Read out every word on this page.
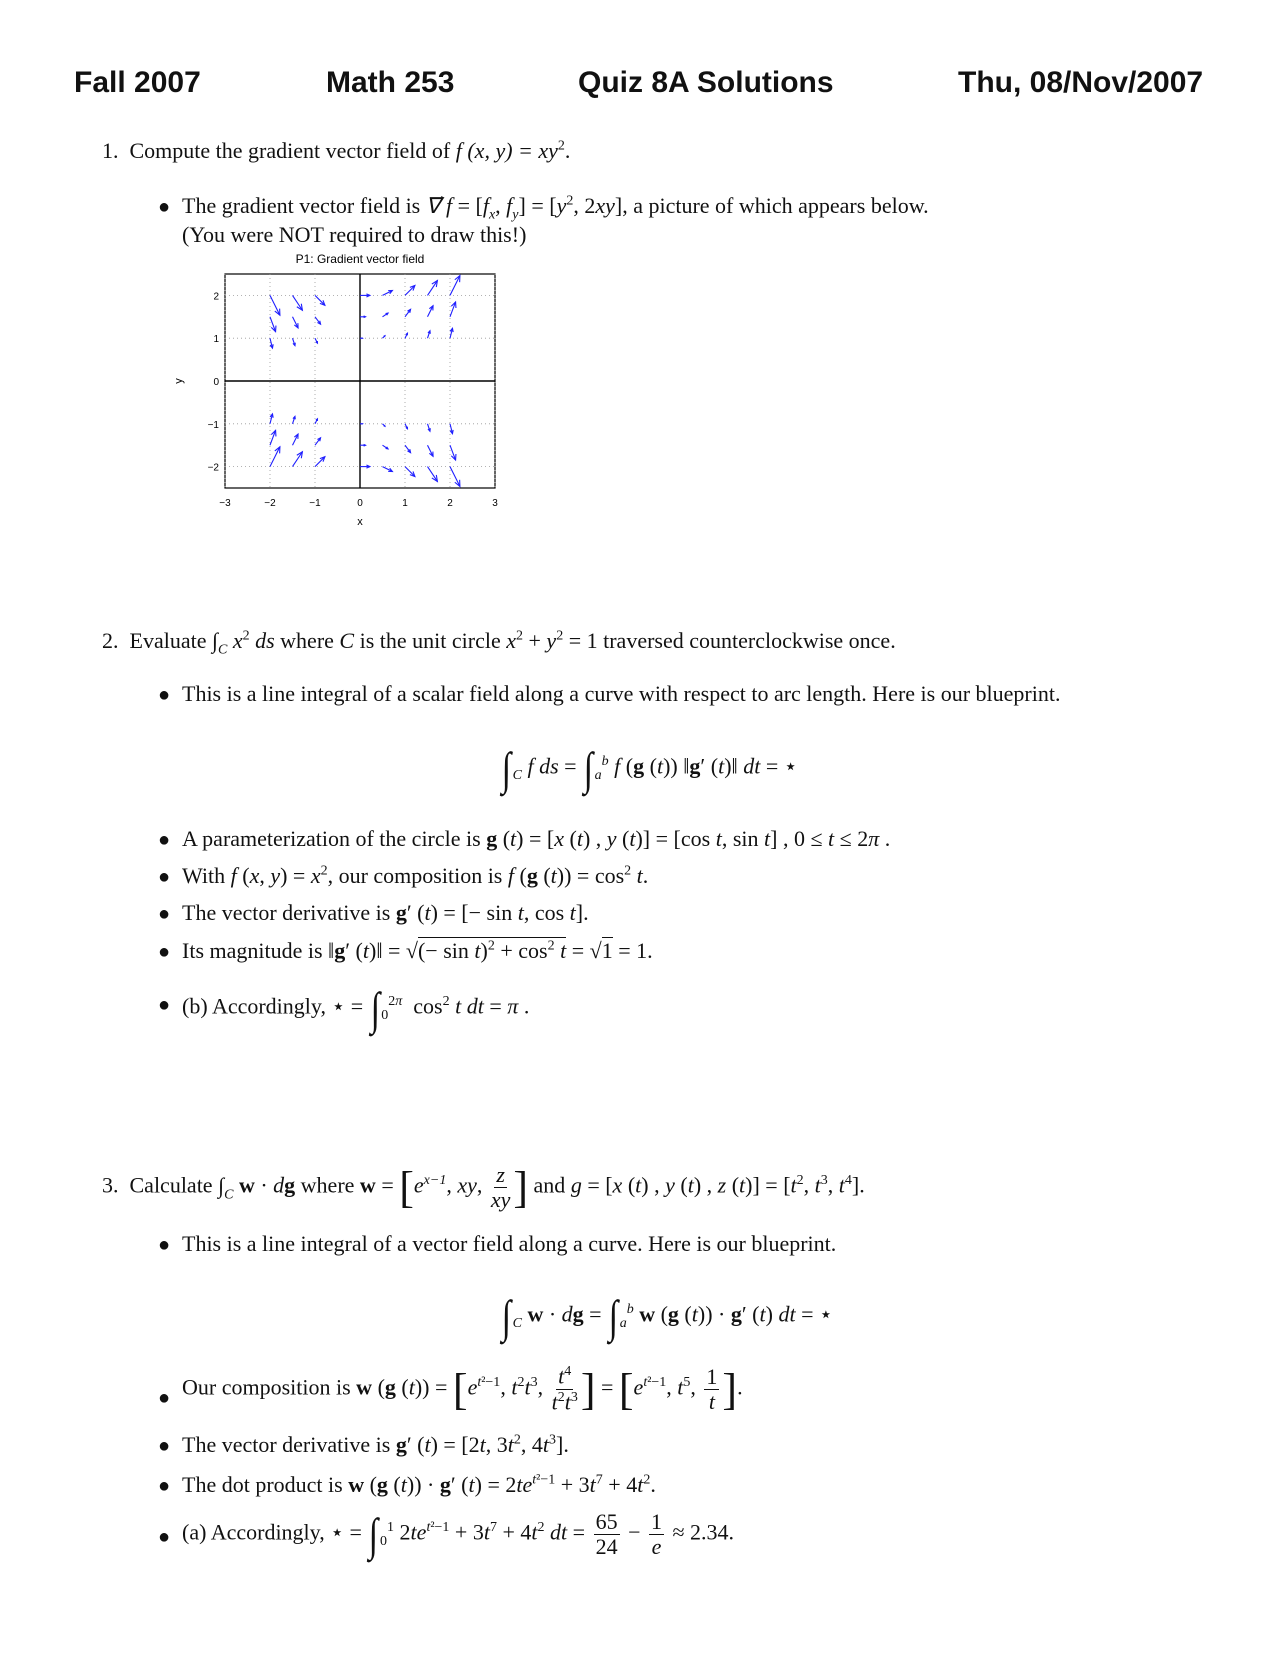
Fall 2007	Math 253	Quiz 8A Solutions	Thu, 08/Nov/2007
1. Compute the gradient vector field of f (x, $y) = xy^2$.
● The gradient vector field is ∇⃗ $f = [f_x$, $f_y] = [y^2$, 2xy], a picture of which appears below.
(You were NOT required to draw this!)
P1: Gradient vector field
−3	−2	−1	0	1	2	3
2
1
0
−1
−2
x
y
2. Evaluate $\int_C$ $x^2$ ds where C is the unit circle $x^2 + y^2 = 1$ traversed counterclockwise once.
● This is a line integral of a scalar field along a curve with respect to arc length. Here is our blueprint.
∫ $_C$ f ds = ∫ $_a^b$ f (g (t)) ‖g′ (t)‖ dt = ⋆
● A parameterization of the circle is g (t) = [x (t) , y (t)] = [cos t, sin t] , 0 ≤ t ≤ 2π .
● With f (x, $y) = x^2$, our composition is f (g $(t)) = \cos^2 t$.
● The vector derivative is g′ (t) = [− sin t, cos t].
● Its magnitude is ‖g′ (t)‖ = √(− $\sin t)^2 + \cos^2 t = √1 = 1$.
● (b) Accordingly, ⋆ = ∫ $_0^{2\pi}$  $\cos^2 t$ dt = π .
3. Calculate $\int_C$ w · dg where $w = [e^{x-1}$, xy, $\frac{z}{xy}$ ] and g = [x (t) , y (t) , z $(t)] = [t^2$, $t^3$, $t^4$].
● This is a line integral of a vector field along a curve. Here is our blueprint.
∫ $_C$ w · dg = ∫ $_a^b$ w (g (t)) · g′ (t) dt = ⋆
● Our composition is w (g $(t)) = [e^{t^2-1}$, $t^2t^3$, $\frac{t^4}{t^2t^3}$ ] = [$e^{t^2-1}$, $t^5$, $\frac{1}{t}$ ].
● The vector derivative is g′ (t) = [2t, $3t^2$, $4t^3$].
● The dot product is w (g (t)) · g′ $(t) = 2te^{t^2-1} + 3t^7 + 4t^2$.
● (a) Accordingly, ⋆ = ∫ $_0^1$ $2te^{t^2-1} + 3t^7 + 4t^2$ dt = $\frac{65}{24} - \frac{1}{e} \approx 2.34$.
